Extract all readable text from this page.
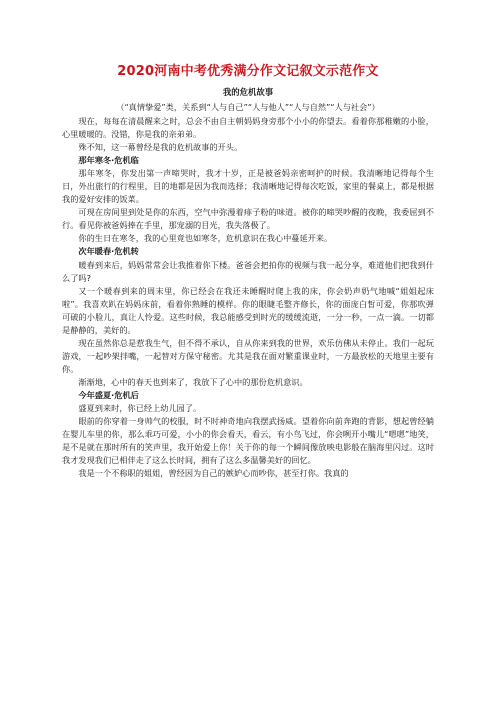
2020河南中考优秀满分作文记叙文示范作文
我的危机故事
（“真情挚爱”类，关系到“人与自己”“人与他人”“人与自然”“人与社会”）
现在，每每在清晨醒来之时，总会不由自主朝妈妈身旁那个小小的你望去。看着你那稚嫩的小脸，心里暖暖的。没错，你是我的亲弟弟。
殊不知，这一幕曾经是我的危机故事的开头。
那年寒冬·危机临
那年寒冬，你发出第一声啼哭时，我才十岁，正是被爸妈亲密呵护的时候。我清晰地记得每个生日，外出旅行的行程里，目的地都是因为我而选择；我清晰地记得每次吃饭，家里的餐桌上，都是根据我的爱好安排的饭菜。
可现在房间里到处是你的东西，空气中弥漫着痱子粉的味道。被你的啼哭吵醒的夜晚，我委屈到不行。看见你被爸妈捧在手里，那宠溺的目光，我失落极了。
你的生日在寒冬，我的心里竟也如寒冬，危机意识在我心中蔓延开来。
次年暖春·危机转
暖春到来后，妈妈常常会让我推着你下楼。爸爸会把拍你的视频与我一起分享，难道他们把我到什么了吗?
又一个暖春到来的周末里，你已经会在我还未睡醒时爬上我的床，你会奶声奶气地喊“姐姐起床啦”。我喜欢趴在妈妈床前，看着你熟睡的模样。你的眼睫毛整齐修长，你的面庞白皙可爱，你那吹弹可破的小脸儿，真让人怜爱。这些时候，我总能感受到时光的缓缓流逝，一分一秒，一点一滴。一切都是静静的，美好的。
现在虽然你总是惹我生气，但不得不承认，自从你来到我的世界，欢乐仿佛从未停止。我们一起玩游戏，一起吵架拌嘴，一起替对方保守秘密。尤其是我在面对繁重课业时，一方最放松的天地里主要有你。
渐渐地，心中的春天也到来了，我放下了心中的那份危机意识。
今年盛夏·危机后
盛夏到来时，你已经上幼儿园了。
眼前的你穿着一身帅气的校服，时不时神奇地向我摆武扬威。望着你向前奔跑的背影，想起曾经躺在婴儿车里的你，那么乖巧可爱，小小的你会看天，看云，有小鸟飞过，你会咧开小嘴儿“嗯嗯”地笑，是不是就在那时所有的笑声里，我开始爱上你！关于你的每一个瞬间像放映电影般在脑海里闪过。这时我才发现我们已相伴走了这么长时间，拥有了这么多温馨美好的回忆。
我是一个不称职的姐姐，曾经因为自己的嫉妒心而吵你，甚至打你。我真的
